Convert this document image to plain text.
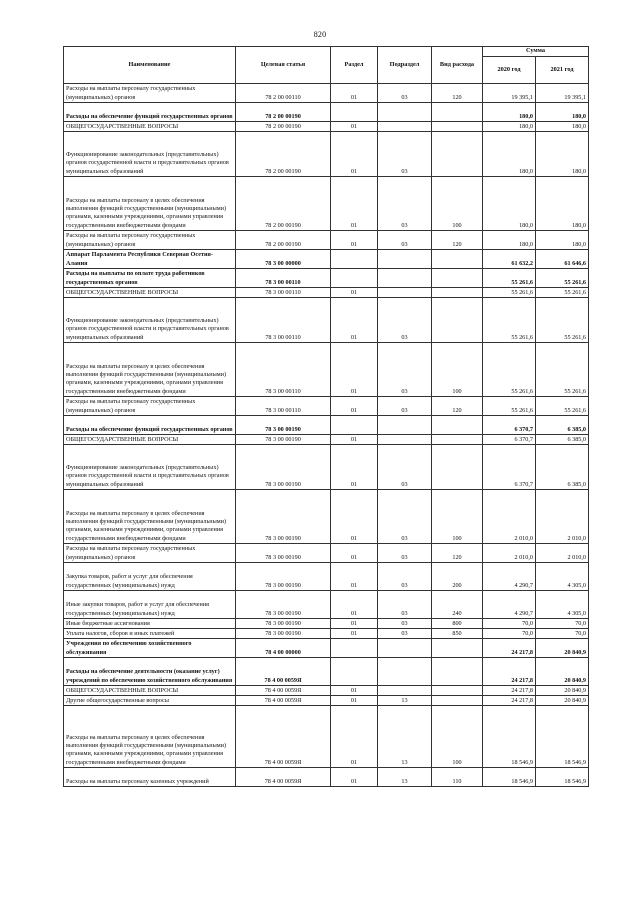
820
Наименование	Целевая статья	Раздел	Подраздел	Вид расхода	Сумма	
					2020 год	2021 год
Расходы на выплаты персоналу государственных (муниципальных) органов	78 2 00 00110	01	03	120	19 395,1	19 395,1
Расходы на обеспечение функций государственных органов	78 2 00 00190				180,0	180,0
ОБЩЕГОСУДАРСТВЕННЫЕ ВОПРОСЫ	78 2 00 00190	01			180,0	180,0
Функционирование законодательных (представительных) органов государственной власти и представительных органов муниципальных образований	78 2 00 00190	01	03		180,0	180,0
Расходы на выплаты персоналу в целях обеспечения выполнения функций государственными (муниципальными) органами, казенными учреждениями, органами управления государственными внебюджетными фондами	78 2 00 00190	01	03	100	180,0	180,0
Расходы на выплаты персоналу государственных (муниципальных) органов	78 2 00 00190	01	03	120	180,0	180,0
Аппарат Парламента Республики Северная Осетия-Алания	78 3 00 00000				61 632,2	61 646,6
Расходы на выплаты по оплате труда работников государственных органов	78 3 00 00110				55 261,6	55 261,6
ОБЩЕГОСУДАРСТВЕННЫЕ ВОПРОСЫ	78 3 00 00110	01			55 261,6	55 261,6
Функционирование законодательных (представительных) органов государственной власти и представительных органов муниципальных образований	78 3 00 00110	01	03		55 261,6	55 261,6
Расходы на выплаты персоналу в целях обеспечения выполнения функций государственными (муниципальными) органами, казенными учреждениями, органами управления государственными внебюджетными фондами	78 3 00 00110	01	03	100	55 261,6	55 261,6
Расходы на выплаты персоналу государственных (муниципальных) органов	78 3 00 00110	01	03	120	55 261,6	55 261,6
Расходы на обеспечение функций государственных органов	78 3 00 00190				6 370,7	6 385,0
ОБЩЕГОСУДАРСТВЕННЫЕ ВОПРОСЫ	78 3 00 00190	01			6 370,7	6 385,0
Функционирование законодательных (представительных) органов государственной власти и представительных органов муниципальных образований	78 3 00 00190	01	03		6 370,7	6 385,0
Расходы на выплаты персоналу в целях обеспечения выполнения функций государственными (муниципальными) органами, казенными учреждениями, органами управления государственными внебюджетными фондами	78 3 00 00190	01	03	100	2 010,0	2 010,0
Расходы на выплаты персоналу государственных (муниципальных) органов	78 3 00 00190	01	03	120	2 010,0	2 010,0
Закупка товаров, работ и услуг для обеспечения государственных (муниципальных) нужд	78 3 00 00190	01	03	200	4 290,7	4 305,0
Иные закупки товаров, работ и услуг для обеспечения государственных (муниципальных) нужд	78 3 00 00190	01	03	240	4 290,7	4 305,0
Иные бюджетные ассигнования	78 3 00 00190	01	03	800	70,0	70,0
Уплата налогов, сборов и иных платежей	78 3 00 00190	01	03	850	70,0	70,0
Учреждения по обеспечению хозяйственного обслуживания	78 4 00 00000				24 217,8	20 840,9
Расходы на обеспечение деятельности (оказание услуг) учреждений по обеспечению хозяйственного обслуживания	78 4 00 0059Я				24 217,8	20 840,9
ОБЩЕГОСУДАРСТВЕННЫЕ ВОПРОСЫ	78 4 00 0059Я	01			24 217,8	20 840,9
Другие общегосударственные вопросы	78 4 00 0059Я	01	13		24 217,8	20 840,9
Расходы на выплаты персоналу в целях обеспечения выполнения функций государственными (муниципальными) органами, казенными учреждениями, органами управления государственными внебюджетными фондами	78 4 00 0059Я	01	13	100	18 546,9	18 546,9
Расходы на выплаты персоналу казенных учреждений	78 4 00 0059Я	01	13	110	18 546,9	18 546,9
